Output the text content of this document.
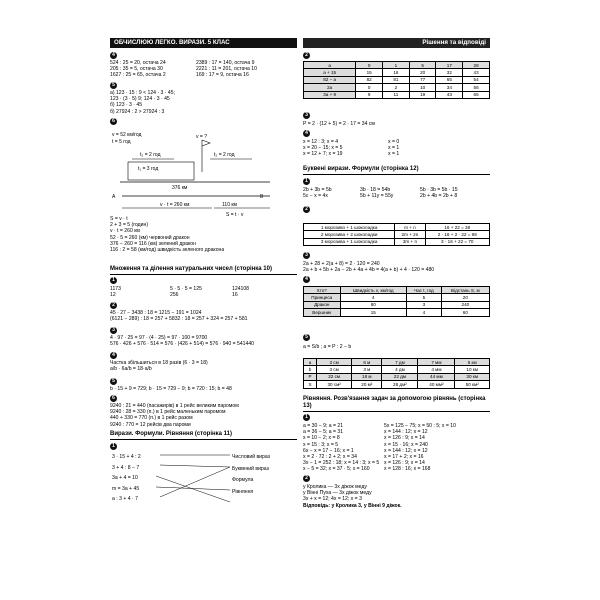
ОБЧИСЛЮЮ ЛЕГКО. ВИРАЗИ. 5 КЛАС	Рішення та відповіді
4
524 : 25 = 20, остача 24
205 : 35 = 5, остача 30
1627 : 25 = 65, остача 2
2389 : 17 = 140, остача 9
2221 : 11 = 201, остача 10
169 : 17 = 9, остача 16
5
а) 123 · 15 : 9 < 124 · 3 · 45;
123 · (3 · 5) 9; 124 · 3 · 45
б) 123 · 3 · 45
б) 27924 : 2 > 27924 : 3
6
v = 52 км/год
t = 5 год
v = ?
t₂ = 2 год	t₂ = 2 год
t₁ = 3 год
A	B
376 км
v · t = 260 км	110 км
S = t · v
S = v · t
2 + 3 = 5 (годин)
v · t = 260 км
52 · 5 = 260 (км) червоний дракон
376 − 260 = 116 (км) зелений дракон
116 : 2 = 58 (км/год) швидкість зеленого дракона
Множення та ділення натуральних чисел (сторінка 10)
1
1173
12
5 · 5 · 5 = 125
256
124108
16
2
45 · 27 − 3438 : 18 = 1215 − 191 = 1024
(6121 − 289) : 18 = 257 + 5832 : 18 = 257 + 324 = 257 + 581
3
4 · 97 · 25 = 97 · (4 · 25) = 97 · 100 = 9700
576 · 426 + 576 · 514 = 576 · (426 + 514) = 576 · 940 = 541440
4
Частка збільшиться в 18 разів (6 · 3 = 18)
a/b · 6a/b = 18·a/b
5
b · 15 + 9 = 729; b · 15 = 729 − 9; b = 720 : 15; b = 48
6
9240 : 21 = 440 (пасажирів) в 1 рейс великим паромом
9240 : 28 = 330 (п.) в 1 рейс маленьким паромом
440 + 330 = 770 (п.) в 1 рейс разом
9240 : 770 = 12 рейсів два пароми
Вирази. Формули. Рівняння (сторінка 11)
1
3 · 15 + 4 : 2
3 + 4 : 8 − 7
3a + 4 = 10
m = 3a + 45
a : 3 + 4 · 7
Числовий вираз
Буквений вираз
Формула
Рівняння
2
a	0	1	5	17	28
a + 15	15	16	20	32	43
82 − a	82	81	77	65	54
2a	0	2	10	34	56
3a + 9	9	11	19	43	65
3
P = 2 · (12 + 5) = 2 · 17 = 34 см
4
x = 12 : 3; x = 4
x = 20 − 15; x = 5
x = 12 + 7; x = 19
x = 0
x = 1
x = 1
Буквені вирази. Формули (сторінка 12)
1
2b + 3b = 5b
5c − x = 4x
3b · 18 = 54b
5b + 11y = 55y
5b · 3b = 5b · 15
2b + 4b = 2b + 8
2
1 морозиво + 1 шоколадка	m + n	16 + 22 = 38
2 морозива + 2 шоколадки	2m + 2n	2 · 16 + 2 · 22 = 98
3 морозива + 1 шоколадка	3m + n	3 · 16 + 22 = 70
3
2a + 28 + 2(a + 8) = 2 · 120 = 240
2a + b + 5b + 2a − 2b + 4a + 4b = 4(a + b) + 4 · 120 = 480
4
Хто?	Швидкість v, км/год	Час t, год	Відстань S, м
Принцеса	4	5	20
Дракон	80	3	240
Вершник	15	4	60
5
a = S/b ; a = P : 2 − b
a	3 см	6 м	7 дм	7 мм	5 км
b	3 см	3 м	4 дм	4 мм	10 км
P	22 см	18 м	22 дм	44 мм	30 км
S	30 см²	20 м²	28 дм²	40 мм²	50 км²
Рівняння. Розв'язання задач за допомогою рівнянь (сторінка 13)
1
a = 30 − 9; a = 21
a = 36 − 5; a = 31
x = 10 − 2; x = 8
x = 15 : 3; x = 5
6x − x = 17 − 16; x = 1
x = 2 · 72 : 2 + 2; x = 34
3x − 1 = 252 : 18; x = 14 : 3; x = 5
x − 5 = 32; x = 37 · 5; x = 160
5x = 125 − 75; x = 50 : 5; x = 10
x = 144 : 12; x = 12
x = 126 : 9; x = 14
x = 15 · 16; x = 240
x = 144 : 12; x = 12
x = 17 + 2; x = 16
x = 126 : 9; x = 14
x = 128 : 16; x = 168
2
у Кролика — 3x діжок меду
у Вінні Пуха — 3x діжок меду
3x + x = 12; 4x = 12; x = 3
Відповідь: у Кролика 3, у Вінні 9 діжок.
